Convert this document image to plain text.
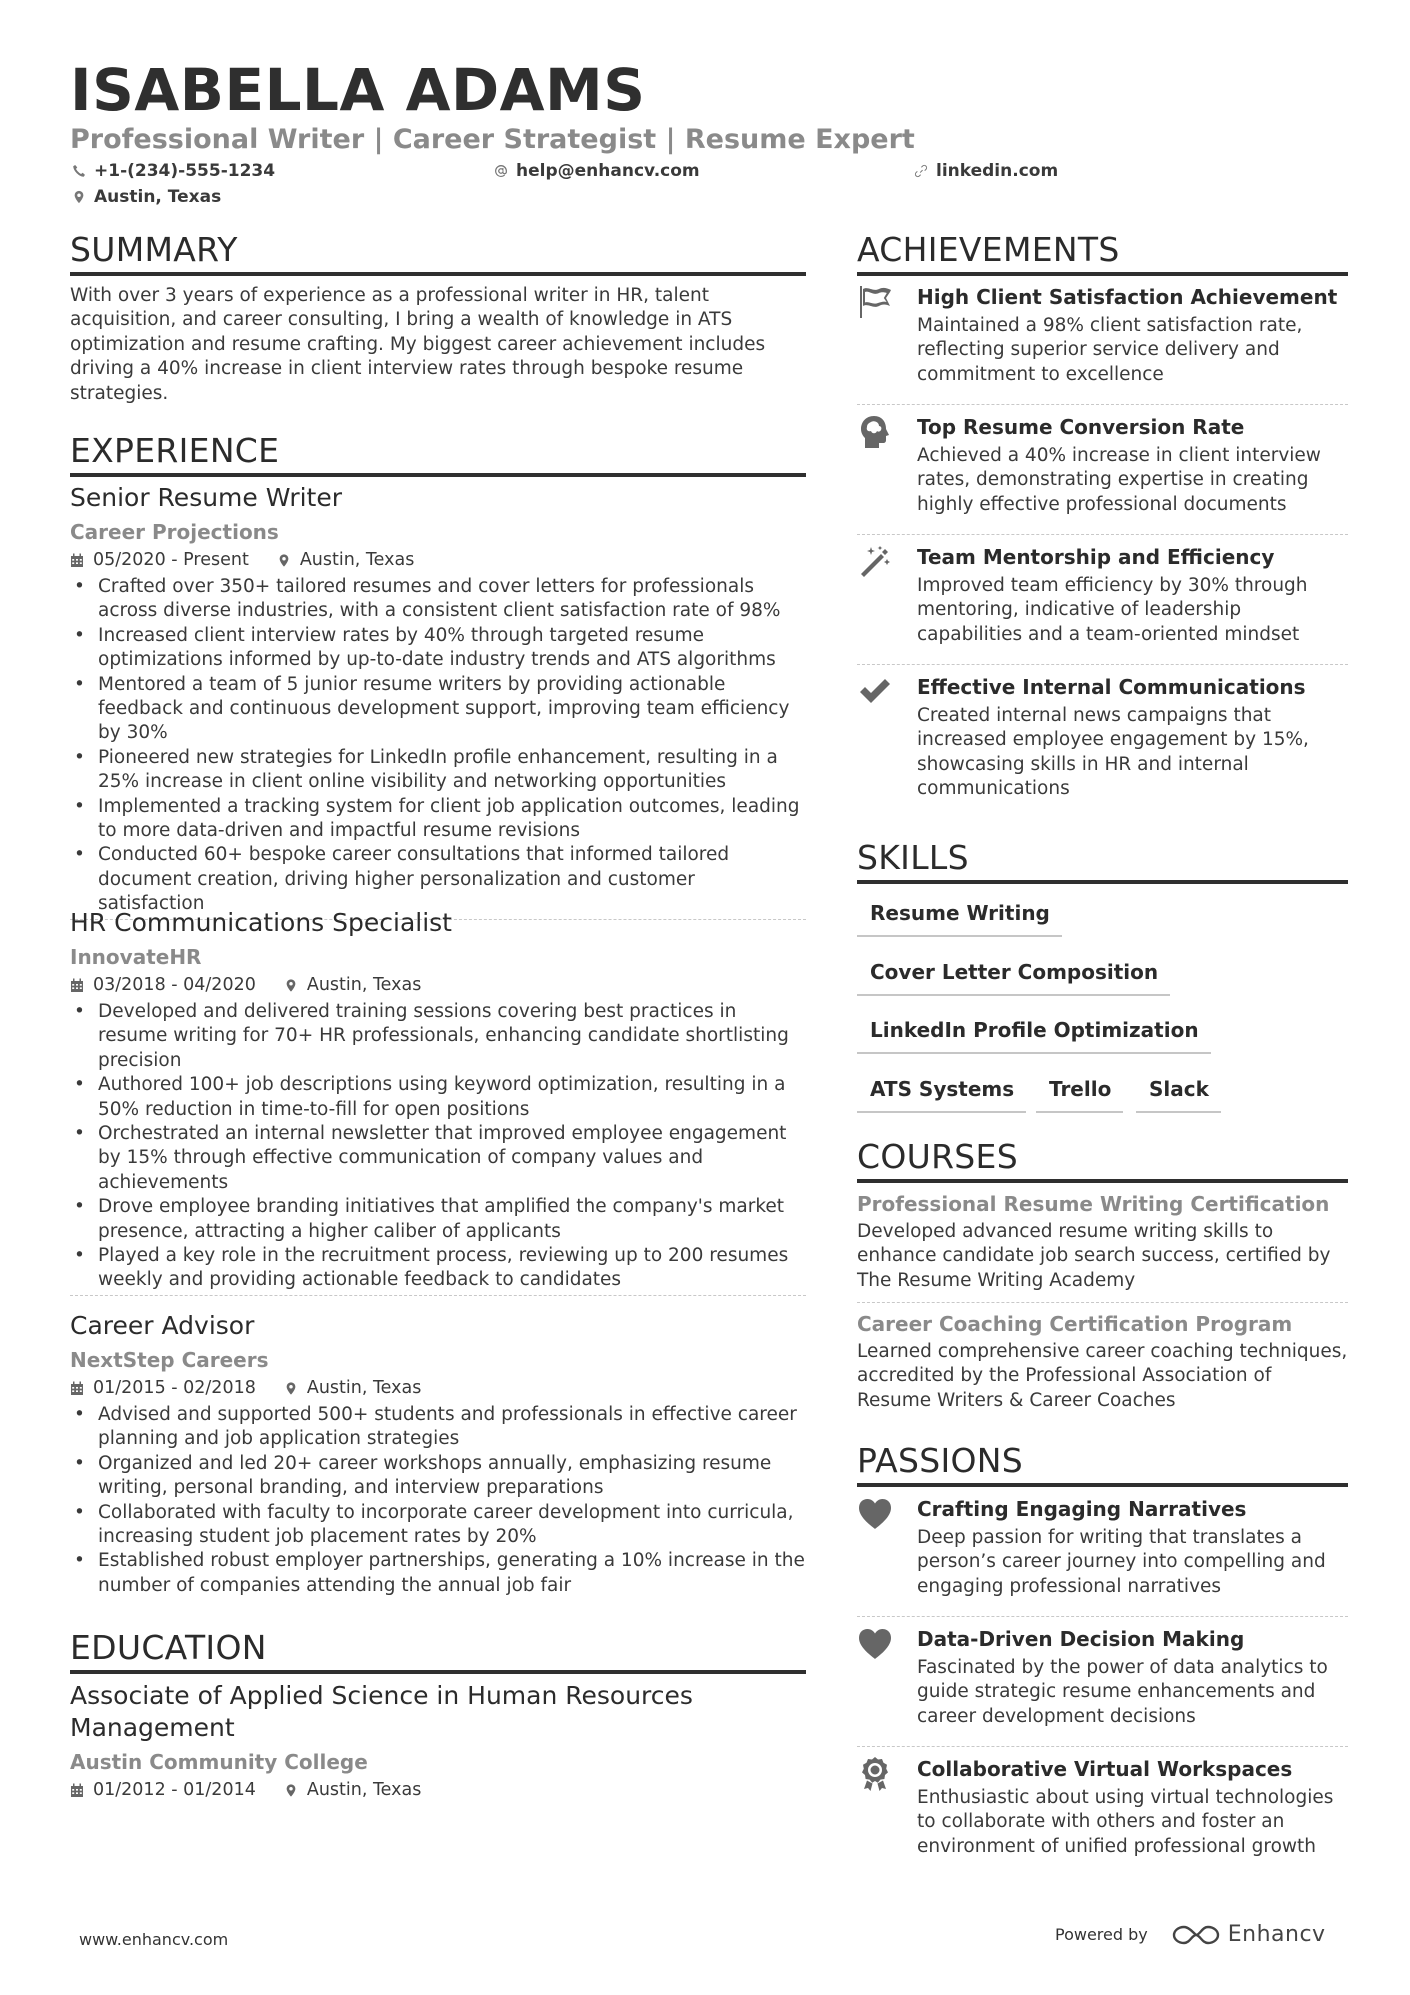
ISABELLA ADAMS
Professional Writer | Career Strategist | Resume Expert
+1-(234)-555-1234	help@enhancv.com	linkedin.com
Austin, Texas
SUMMARY
With over 3 years of experience as a professional writer in HR, talent acquisition, and career consulting, I bring a wealth of knowledge in ATS optimization and resume crafting. My biggest career achievement includes driving a 40% increase in client interview rates through bespoke resume strategies.
EXPERIENCE
Senior Resume Writer
Career Projections
05/2020 - Present	Austin, Texas
• Crafted over 350+ tailored resumes and cover letters for professionals across diverse industries, with a consistent client satisfaction rate of 98%
• Increased client interview rates by 40% through targeted resume optimizations informed by up-to-date industry trends and ATS algorithms
• Mentored a team of 5 junior resume writers by providing actionable feedback and continuous development support, improving team efficiency by 30%
• Pioneered new strategies for LinkedIn profile enhancement, resulting in a 25% increase in client online visibility and networking opportunities
• Implemented a tracking system for client job application outcomes, leading to more data-driven and impactful resume revisions
• Conducted 60+ bespoke career consultations that informed tailored document creation, driving higher personalization and customer satisfaction
HR Communications Specialist
InnovateHR
03/2018 - 04/2020	Austin, Texas
• Developed and delivered training sessions covering best practices in resume writing for 70+ HR professionals, enhancing candidate shortlisting precision
• Authored 100+ job descriptions using keyword optimization, resulting in a 50% reduction in time-to-fill for open positions
• Orchestrated an internal newsletter that improved employee engagement by 15% through effective communication of company values and achievements
• Drove employee branding initiatives that amplified the company's market presence, attracting a higher caliber of applicants
• Played a key role in the recruitment process, reviewing up to 200 resumes weekly and providing actionable feedback to candidates
Career Advisor
NextStep Careers
01/2015 - 02/2018	Austin, Texas
• Advised and supported 500+ students and professionals in effective career planning and job application strategies
• Organized and led 20+ career workshops annually, emphasizing resume writing, personal branding, and interview preparations
• Collaborated with faculty to incorporate career development into curricula, increasing student job placement rates by 20%
• Established robust employer partnerships, generating a 10% increase in the number of companies attending the annual job fair
EDUCATION
Associate of Applied Science in Human Resources Management
Austin Community College
01/2012 - 01/2014	Austin, Texas
ACHIEVEMENTS
High Client Satisfaction Achievement
Maintained a 98% client satisfaction rate, reflecting superior service delivery and commitment to excellence
Top Resume Conversion Rate
Achieved a 40% increase in client interview rates, demonstrating expertise in creating highly effective professional documents
Team Mentorship and Efficiency
Improved team efficiency by 30% through mentoring, indicative of leadership capabilities and a team-oriented mindset
Effective Internal Communications
Created internal news campaigns that increased employee engagement by 15%, showcasing skills in HR and internal communications
SKILLS
Resume Writing
Cover Letter Composition
LinkedIn Profile Optimization
ATS Systems	Trello	Slack
COURSES
Professional Resume Writing Certification
Developed advanced resume writing skills to enhance candidate job search success, certified by The Resume Writing Academy
Career Coaching Certification Program
Learned comprehensive career coaching techniques, accredited by the Professional Association of Resume Writers & Career Coaches
PASSIONS
Crafting Engaging Narratives
Deep passion for writing that translates a person’s career journey into compelling and engaging professional narratives
Data-Driven Decision Making
Fascinated by the power of data analytics to guide strategic resume enhancements and career development decisions
Collaborative Virtual Workspaces
Enthusiastic about using virtual technologies to collaborate with others and foster an environment of unified professional growth
www.enhancv.com	Powered by	Enhancv
